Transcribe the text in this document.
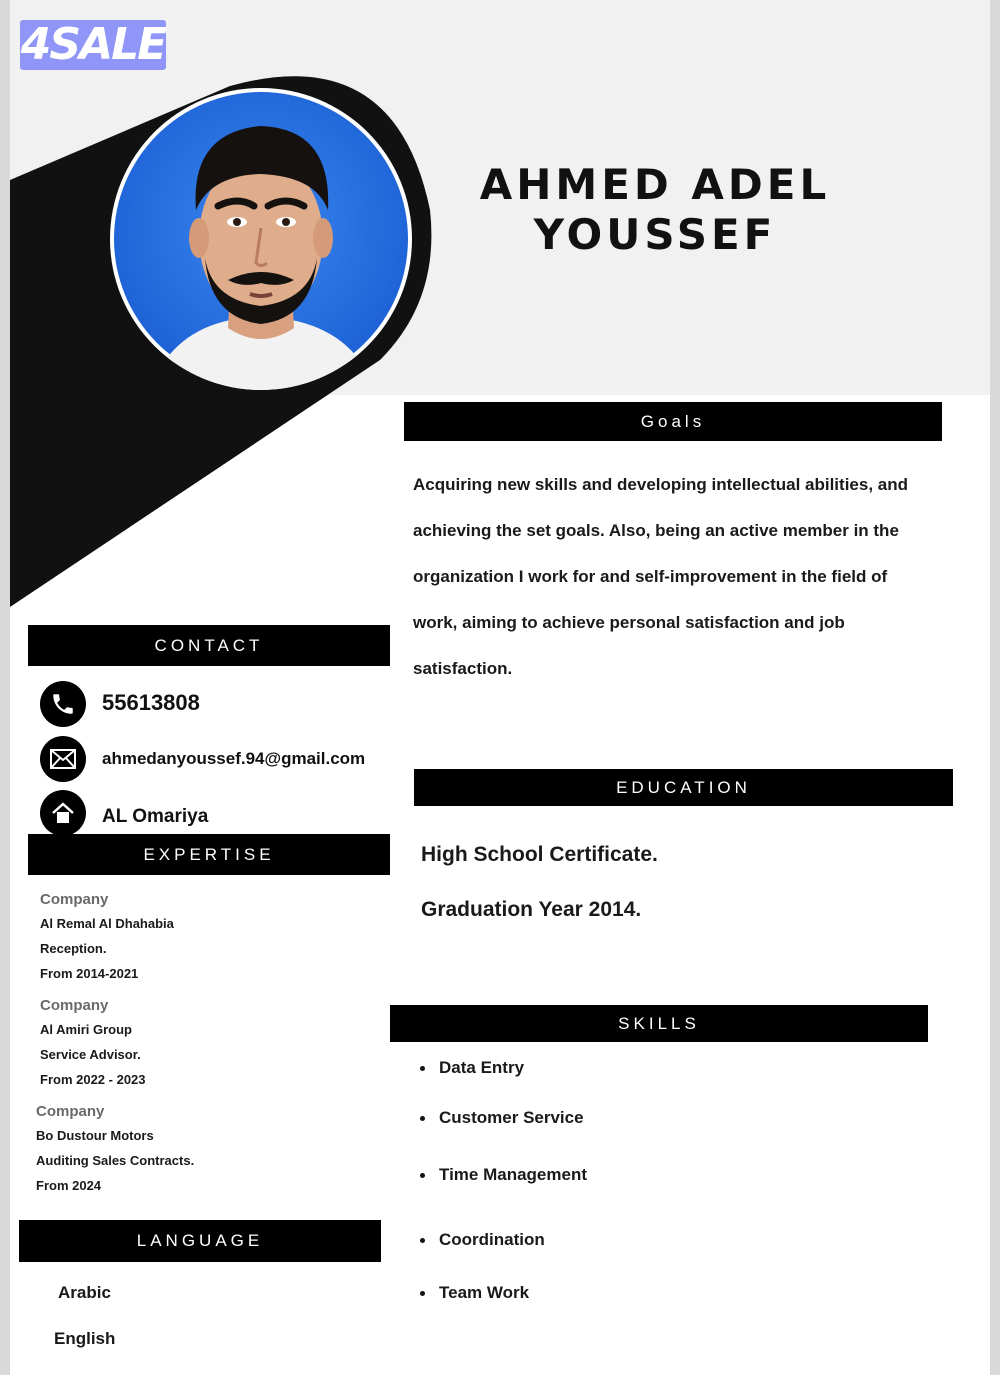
4SALE
AHMED ADEL
YOUSSEF
Goals
Acquiring new skills and developing intellectual abilities, and
achieving the set goals. Also, being an active member in the
organization I work for and self-improvement in the field of
work, aiming to achieve personal satisfaction and job
satisfaction.
CONTACT
55613808
ahmedanyoussef.94@gmail.com
AL Omariya
EDUCATION
High School Certificate.
Graduation Year 2014.
EXPERTISE
Company
Al Remal Al Dhahabia
Reception.
From 2014-2021
Company
Al Amiri Group
Service Advisor.
From 2022 - 2023
Company
Bo Dustour Motors
Auditing Sales Contracts.
From 2024
SKILLS
Data Entry
Customer Service
Time Management
Coordination
Team Work
LANGUAGE
Arabic
English
